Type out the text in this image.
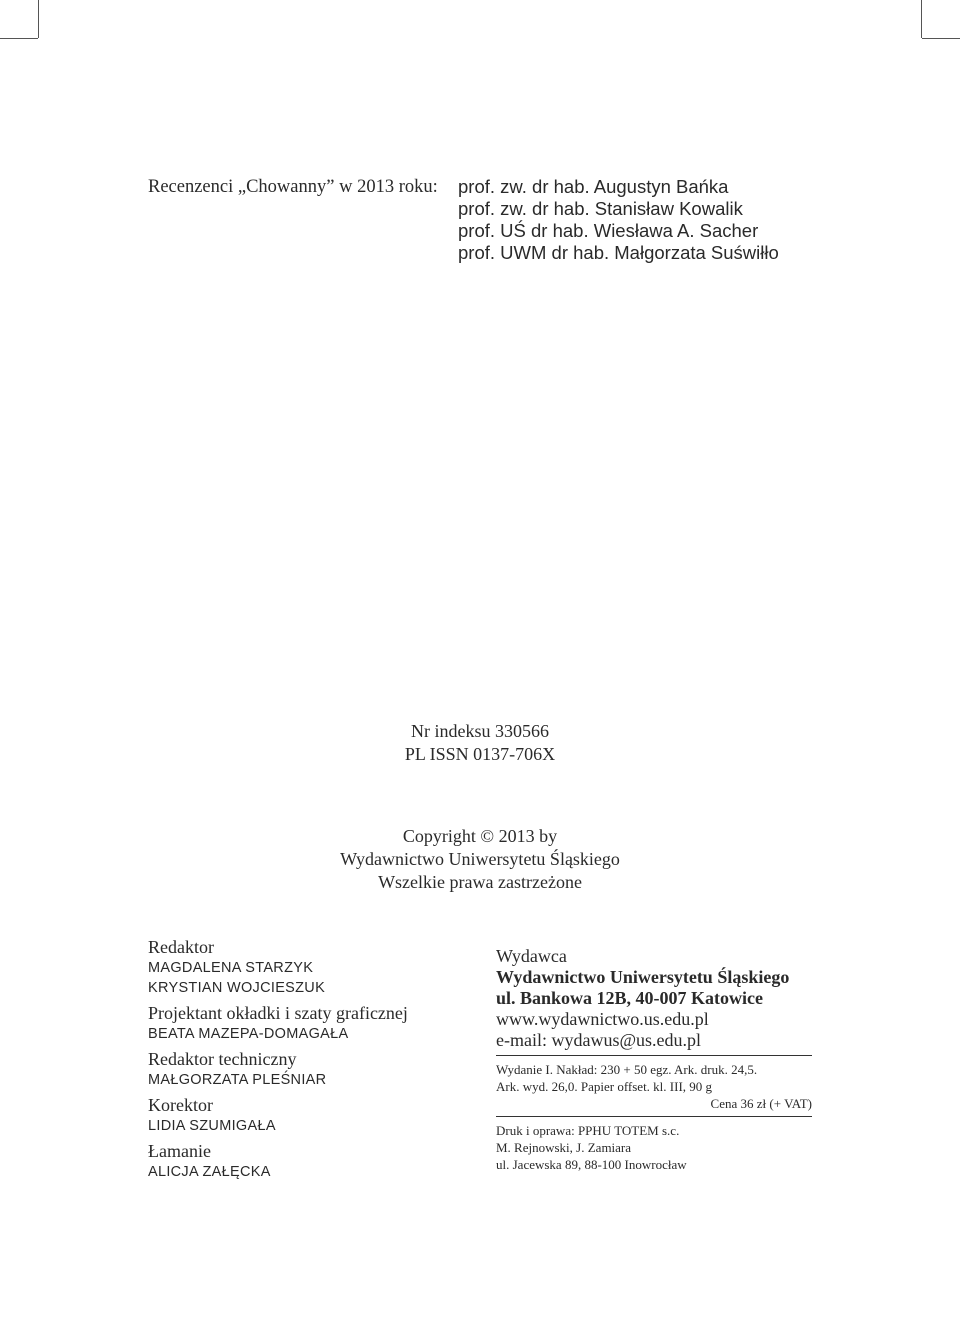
Recenzenci „Chowanny” w 2013 roku: prof. zw. dr hab. Augustyn Bańka
prof. zw. dr hab. Stanisław Kowalik
prof. UŚ dr hab. Wiesława A. Sacher
prof. UWM dr hab. Małgorzata Suświłło
Nr indeksu 330566
PL ISSN 0137-706X
Copyright © 2013 by
Wydawnictwo Uniwersytetu Śląskiego
Wszelkie prawa zastrzeżone
Redaktor
MAGDALENA STARZYK
KRYSTIAN WOJCIESZUK
Projektant okładki i szaty graficznej
BEATA MAZEPA-DOMAGAŁA
Redaktor techniczny
MAŁGORZATA PLEŚNIAR
Korektor
LIDIA SZUMIGAŁA
Łamanie
ALICJA ZAŁĘCKA
Wydawca
Wydawnictwo Uniwersytetu Śląskiego
ul. Bankowa 12B, 40-007 Katowice
www.wydawnictwo.us.edu.pl
e-mail: wydawus@us.edu.pl
Wydanie I. Nakład: 230 + 50 egz. Ark. druk. 24,5.
Ark. wyd. 26,0. Papier offset. kl. III, 90 g
Cena 36 zł (+ VAT)
Druk i oprawa: PPHU TOTEM s.c.
M. Rejnowski, J. Zamiara
ul. Jacewska 89, 88-100 Inowrocław
